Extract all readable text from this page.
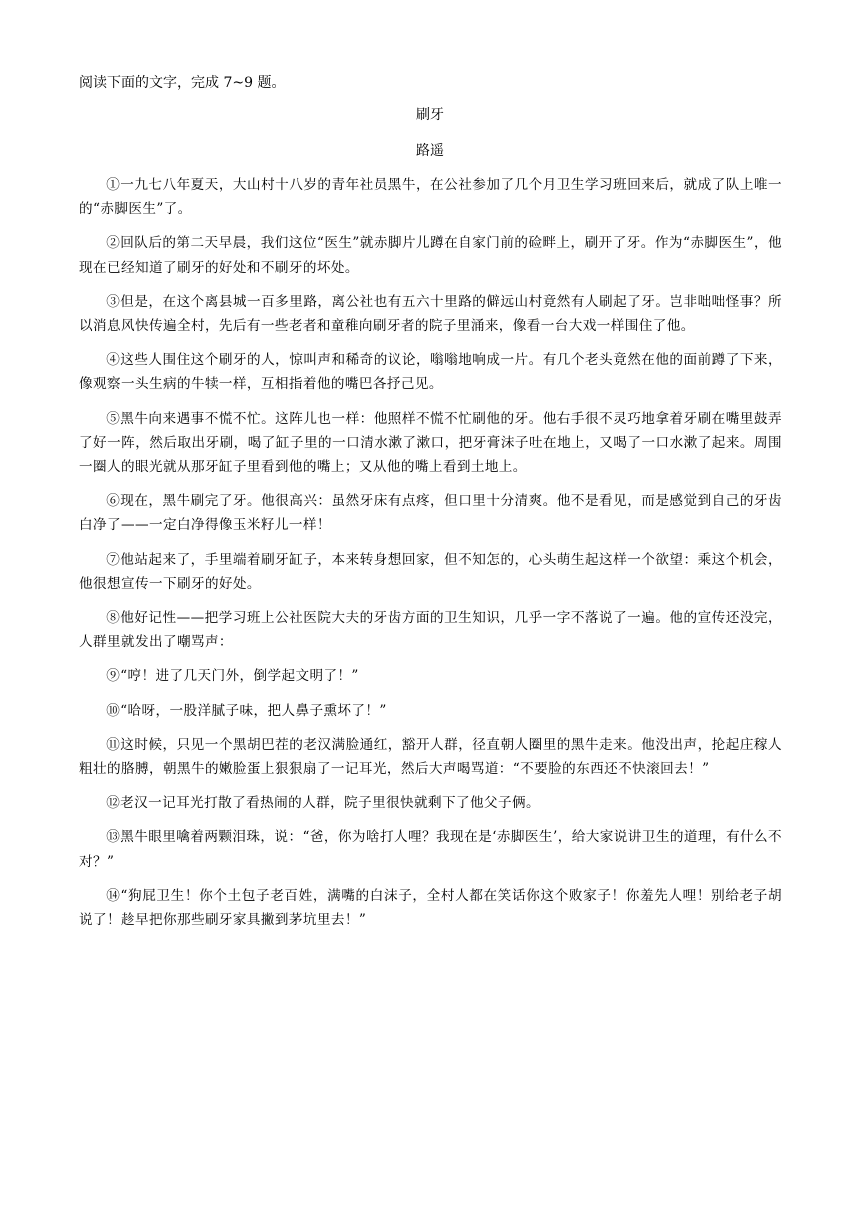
阅读下面的文字，完成 7~9 题。
刷牙
路遥

①一九七八年夏天，大山村十八岁的青年社员黑牛，在公社参加了几个月卫生学习班回来后，就成了队上唯一的“赤脚医生”了。

②回队后的第二天早晨，我们这位“医生”就赤脚片儿蹲在自家门前的硷畔上，刷开了牙。作为“赤脚医生”，他现在已经知道了刷牙的好处和不刷牙的坏处。

③但是，在这个离县城一百多里路，离公社也有五六十里路的僻远山村竟然有人刷起了牙。岂非咄咄怪事？所以消息风快传遍全村，先后有一些老者和童稚向刷牙者的院子里涌来，像看一台大戏一样围住了他。

④这些人围住这个刷牙的人，惊叫声和稀奇的议论，嗡嗡地响成一片。有几个老头竟然在他的面前蹲了下来，像观察一头生病的牛犊一样，互相指着他的嘴巴各抒己见。

⑤黑牛向来遇事不慌不忙。这阵儿也一样：他照样不慌不忙刷他的牙。他右手很不灵巧地拿着牙刷在嘴里鼓弄了好一阵，然后取出牙刷，喝了缸子里的一口清水漱了漱口，把牙膏沫子吐在地上，又喝了一口水漱了起来。周围一圈人的眼光就从那牙缸子里看到他的嘴上；又从他的嘴上看到土地上。

⑥现在，黑牛刷完了牙。他很高兴：虽然牙床有点疼，但口里十分清爽。他不是看见，而是感觉到自己的牙齿白净了——一定白净得像玉米籽儿一样！

⑦他站起来了，手里端着刷牙缸子，本来转身想回家，但不知怎的，心头萌生起这样一个欲望：乘这个机会，他很想宣传一下刷牙的好处。

⑧他好记性——把学习班上公社医院大夫的牙齿方面的卫生知识，几乎一字不落说了一遍。他的宣传还没完，人群里就发出了嘲骂声：

⑨“哼！进了几天门外，倒学起文明了！”

⑩“哈呀，一股洋腻子味，把人鼻子熏坏了！”

⑪这时候，只见一个黑胡巴茬的老汉满脸通红，豁开人群，径直朝人圈里的黑牛走来。他没出声，抡起庄稼人粗壮的胳膊，朝黑牛的嫩脸蛋上狠狠扇了一记耳光，然后大声喝骂道：“不要脸的东西还不快滚回去！”

⑫老汉一记耳光打散了看热闹的人群，院子里很快就剩下了他父子俩。

⑬黑牛眼里噙着两颗泪珠，说：“爸，你为啥打人哩？我现在是‘赤脚医生’，给大家说讲卫生的道理，有什么不对？”

⑭“狗屁卫生！你个土包子老百姓，满嘴的白沫子，全村人都在笑话你这个败家子！你羞先人哩！别给老子胡说了！趁早把你那些刷牙家具撇到茅坑里去！”
